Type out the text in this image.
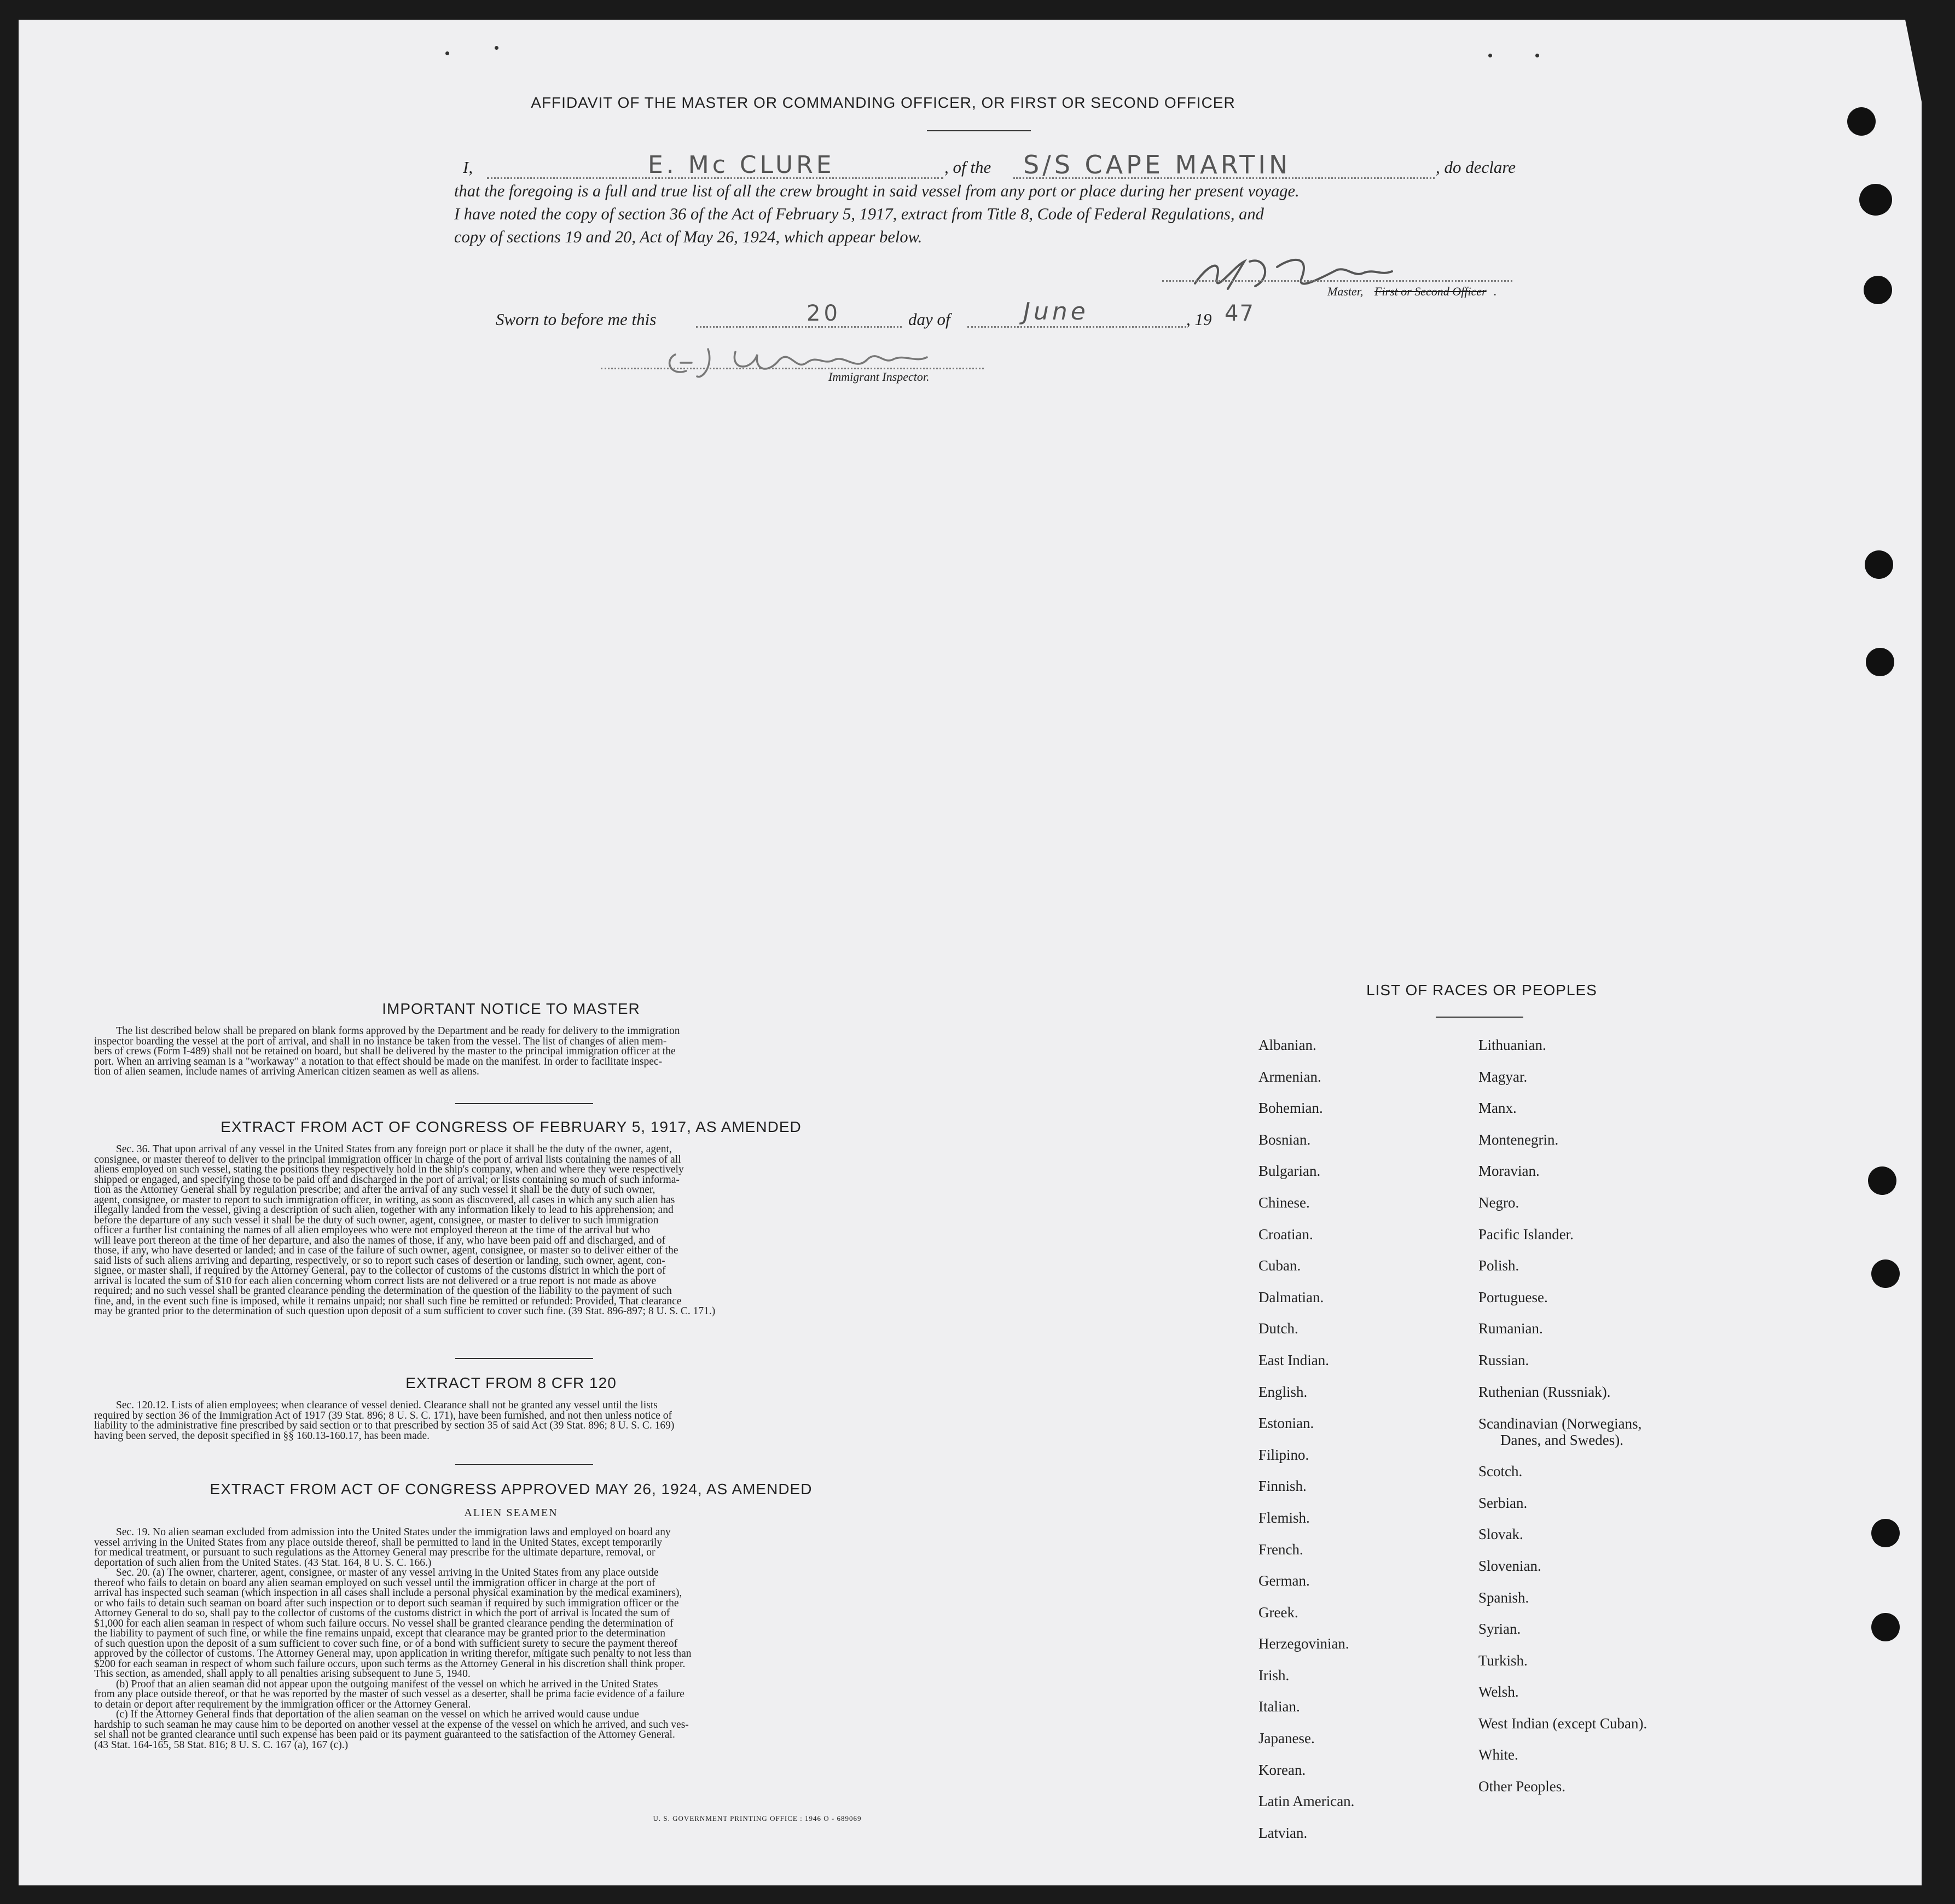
AFFIDAVIT OF THE MASTER OR COMMANDING OFFICER, OR FIRST OR SECOND OFFICER
I,	E. Mc CLURE	, of the S/S CAPE MARTIN	, do declare
that the foregoing is a full and true list of all the crew brought in said vessel from any port or place during her present voyage.
I have noted the copy of section 36 of the Act of February 5, 1917, extract from Title 8, Code of Federal Regulations, and
copy of sections 19 and 20, Act of May 26, 1924, which appear below.
Master, First or Second Officer .
Sworn to before me this	20	day of	June	, 19 47
Immigrant Inspector.
IMPORTANT NOTICE TO MASTER

The list described below shall be prepared on blank forms approved by the Department and be ready for delivery to the immigration

inspector boarding the vessel at the port of arrival, and shall in no instance be taken from the vessel. The list of changes of alien mem-

bers of crews (Form I-489) shall not be retained on board, but shall be delivered by the master to the principal immigration officer at the

port. When an arriving seaman is a "workaway" a notation to that effect should be made on the manifest. In order to facilitate inspec-

tion of alien seamen, include names of arriving American citizen seamen as well as aliens.

EXTRACT FROM ACT OF CONGRESS OF FEBRUARY 5, 1917, AS AMENDED

Sec. 36. That upon arrival of any vessel in the United States from any foreign port or place it shall be the duty of the owner, agent,

consignee, or master thereof to deliver to the principal immigration officer in charge of the port of arrival lists containing the names of all

aliens employed on such vessel, stating the positions they respectively hold in the ship's company, when and where they were respectively

shipped or engaged, and specifying those to be paid off and discharged in the port of arrival; or lists containing so much of such informa-

tion as the Attorney General shall by regulation prescribe; and after the arrival of any such vessel it shall be the duty of such owner,

agent, consignee, or master to report to such immigration officer, in writing, as soon as discovered, all cases in which any such alien has

illegally landed from the vessel, giving a description of such alien, together with any information likely to lead to his apprehension; and

before the departure of any such vessel it shall be the duty of such owner, agent, consignee, or master to deliver to such immigration

officer a further list containing the names of all alien employees who were not employed thereon at the time of the arrival but who

will leave port thereon at the time of her departure, and also the names of those, if any, who have been paid off and discharged, and of

those, if any, who have deserted or landed; and in case of the failure of such owner, agent, consignee, or master so to deliver either of the

said lists of such aliens arriving and departing, respectively, or so to report such cases of desertion or landing, such owner, agent, con-

signee, or master shall, if required by the Attorney General, pay to the collector of customs of the customs district in which the port of

arrival is located the sum of $10 for each alien concerning whom correct lists are not delivered or a true report is not made as above

required; and no such vessel shall be granted clearance pending the determination of the question of the liability to the payment of such

fine, and, in the event such fine is imposed, while it remains unpaid; nor shall such fine be remitted or refunded: Provided, That clearance

may be granted prior to the determination of such question upon deposit of a sum sufficient to cover such fine. (39 Stat. 896-897; 8 U. S. C. 171.)

EXTRACT FROM 8 CFR 120

Sec. 120.12. Lists of alien employees; when clearance of vessel denied. Clearance shall not be granted any vessel until the lists

required by section 36 of the Immigration Act of 1917 (39 Stat. 896; 8 U. S. C. 171), have been furnished, and not then unless notice of

liability to the administrative fine prescribed by said section or to that prescribed by section 35 of said Act (39 Stat. 896; 8 U. S. C. 169)

having been served, the deposit specified in §§ 160.13-160.17, has been made.

EXTRACT FROM ACT OF CONGRESS APPROVED MAY 26, 1924, AS AMENDED
ALIEN SEAMEN

Sec. 19. No alien seaman excluded from admission into the United States under the immigration laws and employed on board any

vessel arriving in the United States from any place outside thereof, shall be permitted to land in the United States, except temporarily

for medical treatment, or pursuant to such regulations as the Attorney General may prescribe for the ultimate departure, removal, or

deportation of such alien from the United States. (43 Stat. 164, 8 U. S. C. 166.)

Sec. 20. (a) The owner, charterer, agent, consignee, or master of any vessel arriving in the United States from any place outside

thereof who fails to detain on board any alien seaman employed on such vessel until the immigration officer in charge at the port of

arrival has inspected such seaman (which inspection in all cases shall include a personal physical examination by the medical examiners),

or who fails to detain such seaman on board after such inspection or to deport such seaman if required by such immigration officer or the

Attorney General to do so, shall pay to the collector of customs of the customs district in which the port of arrival is located the sum of

$1,000 for each alien seaman in respect of whom such failure occurs. No vessel shall be granted clearance pending the determination of

the liability to payment of such fine, or while the fine remains unpaid, except that clearance may be granted prior to the determination

of such question upon the deposit of a sum sufficient to cover such fine, or of a bond with sufficient surety to secure the payment thereof

approved by the collector of customs. The Attorney General may, upon application in writing therefor, mitigate such penalty to not less than

$200 for each seaman in respect of whom such failure occurs, upon such terms as the Attorney General in his discretion shall think proper.

This section, as amended, shall apply to all penalties arising subsequent to June 5, 1940.

(b) Proof that an alien seaman did not appear upon the outgoing manifest of the vessel on which he arrived in the United States

from any place outside thereof, or that he was reported by the master of such vessel as a deserter, shall be prima facie evidence of a failure

to detain or deport after requirement by the immigration officer or the Attorney General.

(c) If the Attorney General finds that deportation of the alien seaman on the vessel on which he arrived would cause undue

hardship to such seaman he may cause him to be deported on another vessel at the expense of the vessel on which he arrived, and such ves-

sel shall not be granted clearance until such expense has been paid or its payment guaranteed to the satisfaction of the Attorney General.

(43 Stat. 164-165, 58 Stat. 816; 8 U. S. C. 167 (a), 167 (c).)

U. S. GOVERNMENT PRINTING OFFICE : 1946 O - 689069
LIST OF RACES OR PEOPLES
Albanian.
Armenian.
Bohemian.
Bosnian.
Bulgarian.
Chinese.
Croatian.
Cuban.
Dalmatian.
Dutch.
East Indian.
English.
Estonian.
Filipino.
Finnish.
Flemish.
French.
German.
Greek.
Herzegovinian.
Irish.
Italian.
Japanese.
Korean.
Latin American.
Latvian.
Lithuanian.
Magyar.
Manx.
Montenegrin.
Moravian.
Negro.
Pacific Islander.
Polish.
Portuguese.
Rumanian.
Russian.
Ruthenian (Russniak).
Scandinavian (Norwegians,
Danes, and Swedes).
Scotch.
Serbian.
Slovak.
Slovenian.
Spanish.
Syrian.
Turkish.
Welsh.
West Indian (except Cuban).
White.
Other Peoples.
